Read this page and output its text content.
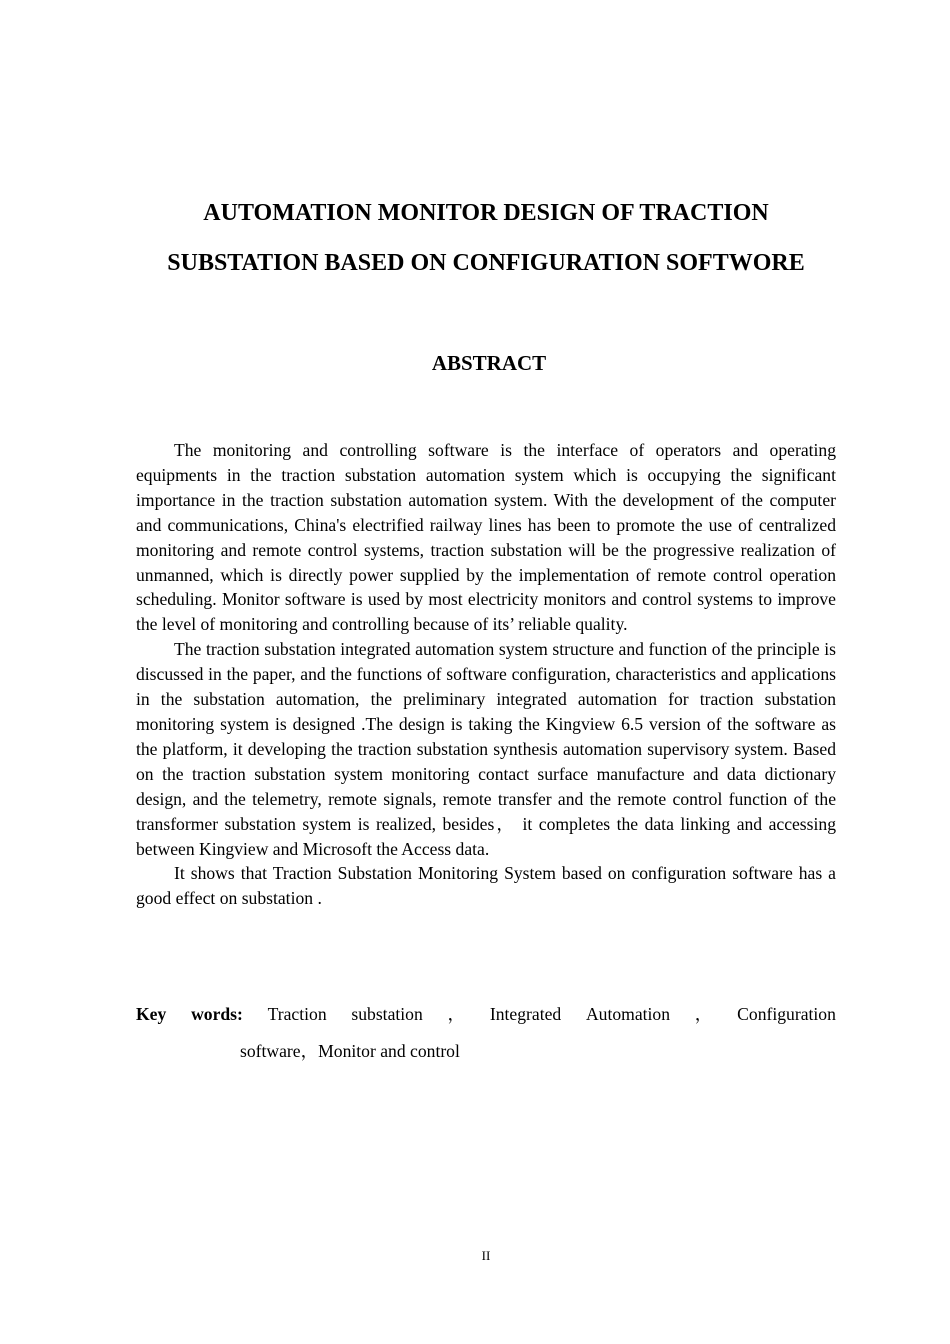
AUTOMATION MONITOR DESIGN OF TRACTION
SUBSTATION BASED ON CONFIGURATION SOFTWORE
ABSTRACT

The monitoring and controlling software is the interface of operators and operating equipments in the traction substation automation system which is occupying the significant importance in the traction substation automation system. With the development of the computer and communications, China's electrified railway lines has been to promote the use of centralized monitoring and remote control systems, traction substation will be the progressive realization of unmanned, which is directly power supplied by the implementation of remote control operation scheduling. Monitor software is used by most electricity monitors and control systems to improve the level of monitoring and controlling because of its’ reliable quality.

The traction substation integrated automation system structure and function of the principle is discussed in the paper, and the functions of software configuration, characteristics and applications in the substation automation, the preliminary integrated automation for traction substation monitoring system is designed .The design is taking the Kingview 6.5 version of the software as the platform, it developing the traction substation synthesis automation supervisory system. Based on the traction substation system monitoring contact surface manufacture and data dictionary design, and the telemetry, remote signals, remote transfer and the remote control function of the transformer substation system is realized, besides， it completes the data linking and accessing between Kingview and Microsoft the Access data.

It shows that Traction Substation Monitoring System based on configuration software has a good effect on substation .

Key words: Traction substation ， Integrated Automation ， Configuration
software，Monitor and control
II
